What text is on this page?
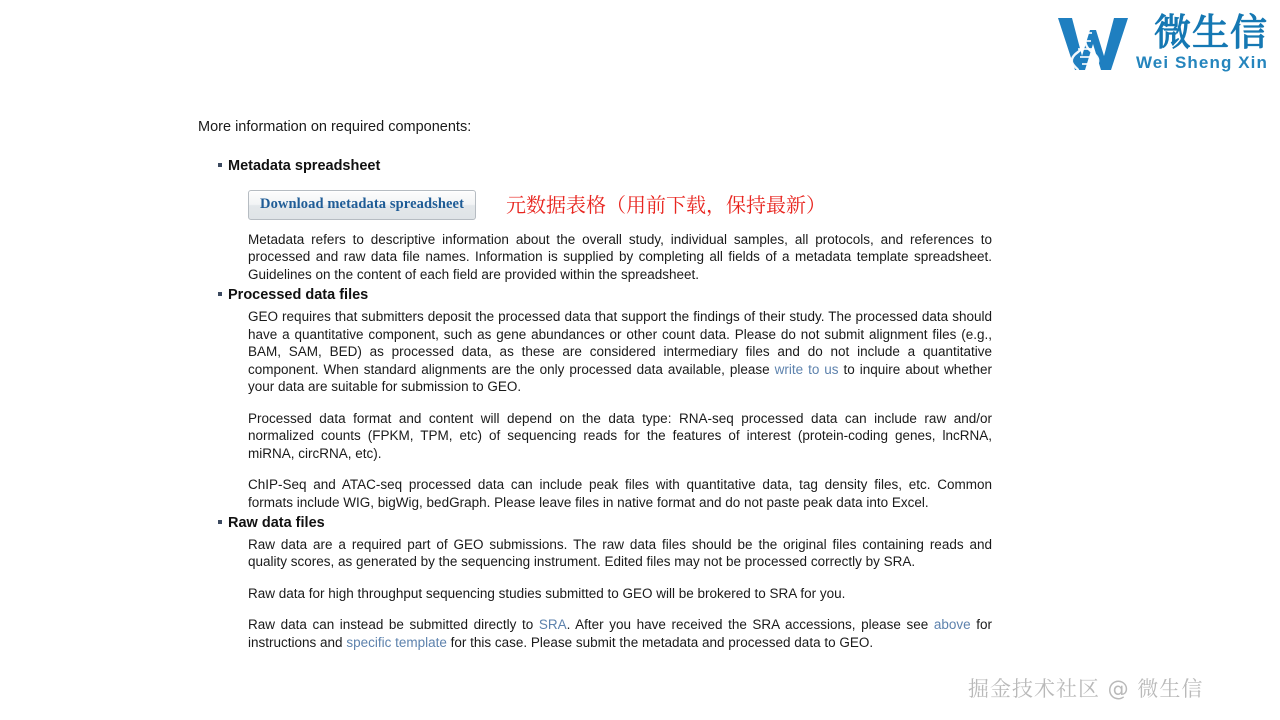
微生信
Wei Sheng Xin
More information on required components:
Metadata spreadsheet
Download metadata spreadsheet	元数据表格（用前下载，保持最新）

Metadata refers to descriptive information about the overall study, individual samples, all protocols, and references to processed and raw data file names. Information is supplied by completing all fields of a metadata template spreadsheet. Guidelines on the content of each field are provided within the spreadsheet.

Processed data files

GEO requires that submitters deposit the processed data that support the findings of their study. The processed data should have a quantitative component, such as gene abundances or other count data. Please do not submit alignment files (e.g., BAM, SAM, BED) as processed data, as these are considered intermediary files and do not include a quantitative component. When standard alignments are the only processed data available, please write to us to inquire about whether your data are suitable for submission to GEO.

Processed data format and content will depend on the data type: RNA-seq processed data can include raw and/or normalized counts (FPKM, TPM, etc) of sequencing reads for the features of interest (protein-coding genes, lncRNA, miRNA, circRNA, etc).

ChIP-Seq and ATAC-seq processed data can include peak files with quantitative data, tag density files, etc. Common formats include WIG, bigWig, bedGraph. Please leave files in native format and do not paste peak data into Excel.

Raw data files

Raw data are a required part of GEO submissions. The raw data files should be the original files containing reads and quality scores, as generated by the sequencing instrument. Edited files may not be processed correctly by SRA.

Raw data for high throughput sequencing studies submitted to GEO will be brokered to SRA for you.

Raw data can instead be submitted directly to SRA. After you have received the SRA accessions, please see above for instructions and specific template for this case. Please submit the metadata and processed data to GEO.

掘金技术社区 @ 微生信
